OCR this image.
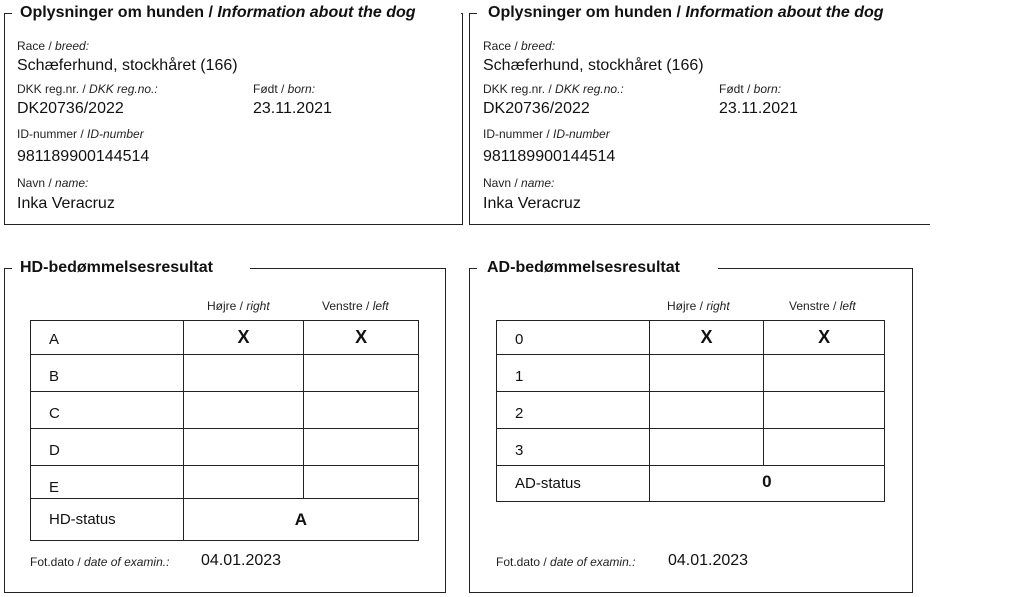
Oplysninger om hunden / Information about the dog
Race / breed:
Schæferhund, stockhåret (166)
DKK reg.nr. / DKK reg.no.:
DK20736/2022
Født / born:
23.11.2021
ID-nummer / ID-number
981189900144514
Navn / name:
Inka Veracruz
Oplysninger om hunden / Information about the dog
Race / breed:
Schæferhund, stockhåret (166)
DKK reg.nr. / DKK reg.no.:
DK20736/2022
Født / born:
23.11.2021
ID-nummer / ID-number
981189900144514
Navn / name:
Inka Veracruz
HD-bedømmelsesresultat
Højre / right	Venstre / left
A	X	X
B		
C		
D		
E		
HD-status	A	
Fot.dato / date of examin.: 04.01.2023
AD-bedømmelsesresultat
Højre / right	Venstre / left
0	X	X
1		
2		
3		
AD-status	0	
Fot.dato / date of examin.: 04.01.2023
